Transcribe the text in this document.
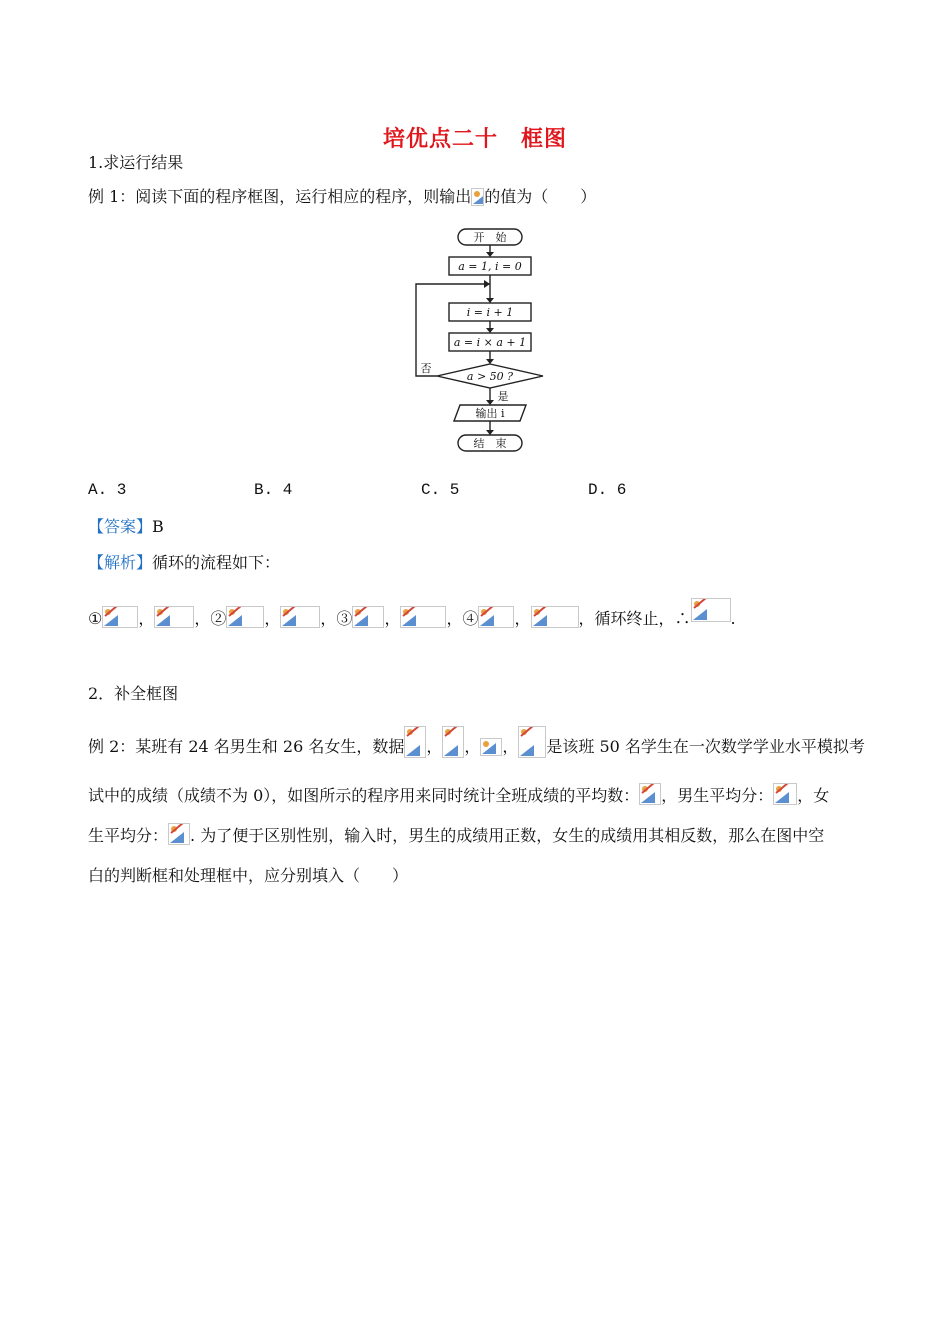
培优点二十　框图
1.求运行结果
例 1：阅读下面的程序框图，运行相应的程序，则输出 的值为（　　）
开　始
a = 1, i = 0
i = i + 1
a = i × a + 1
a > 50 ?
输出 i
结　束
否
是
A. 3	B. 4	C. 5	D. 6
【答案】B
【解析】循环的流程如下：
① ，	，② ，	，③ ，	，④ ，	，循环终止，∴	.
2．补全框图
例 2：某班有 24 名男生和 26 名女生，数据 ， ， ， 是该班 50 名学生在一次数学学业水平模拟考
试中的成绩（成绩不为 0），如图所示的程序用来同时统计全班成绩的平均数： ，男生平均分： ，女
生平均分： . 为了便于区别性别，输入时，男生的成绩用正数，女生的成绩用其相反数，那么在图中空
白的判断框和处理框中，应分别填入（　　）
